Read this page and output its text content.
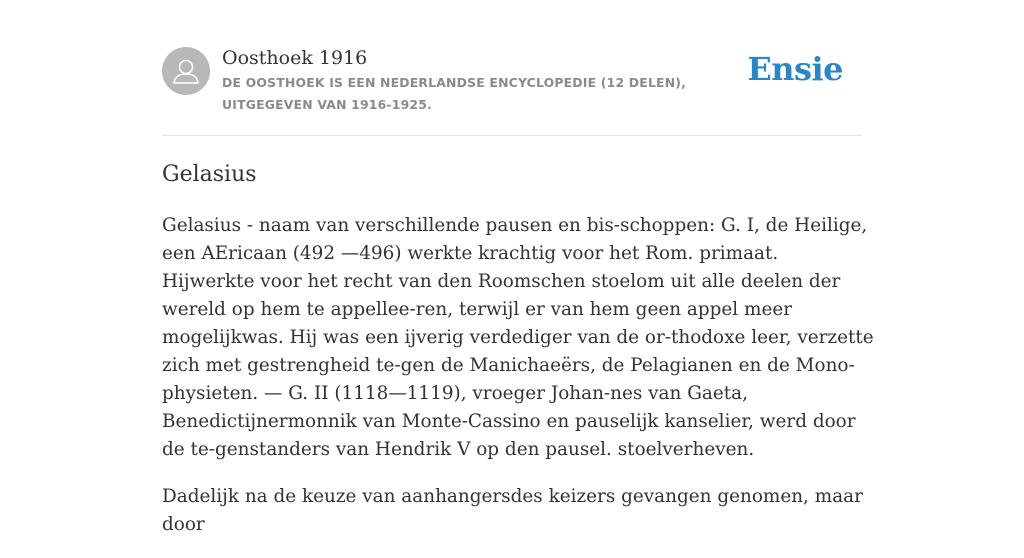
Oosthoek 1916
DE OOSTHOEK IS EEN NEDERLANDSE ENCYCLOPEDIE (12 DELEN), UITGEGEVEN VAN 1916-1925.
Ensie
Gelasius

Gelasius - naam van verschillende pausen en bis-schoppen: G. I, de Heilige, een AEricaan (492 —496) werkte krachtig voor het Rom. primaat. Hijwerkte voor het recht van den Roomschen stoelom uit alle deelen der wereld op hem te appellee-ren, terwijl er van hem geen appel meer mogelijkwas. Hij was een ijverig verdediger van de or-thodoxe leer, verzette zich met gestrengheid te-gen de Manichaeërs, de Pelagianen en de Mono-physieten. — G. II (1118—1119), vroeger Johan-nes van Gaeta, Benedictijnermonnik van Monte-Cassino en pauselijk kanselier, werd door de te-genstanders van Hendrik V op den pausel. stoelverheven.

Dadelijk na de keuze van aanhangersdes keizers gevangen genomen, maar door
